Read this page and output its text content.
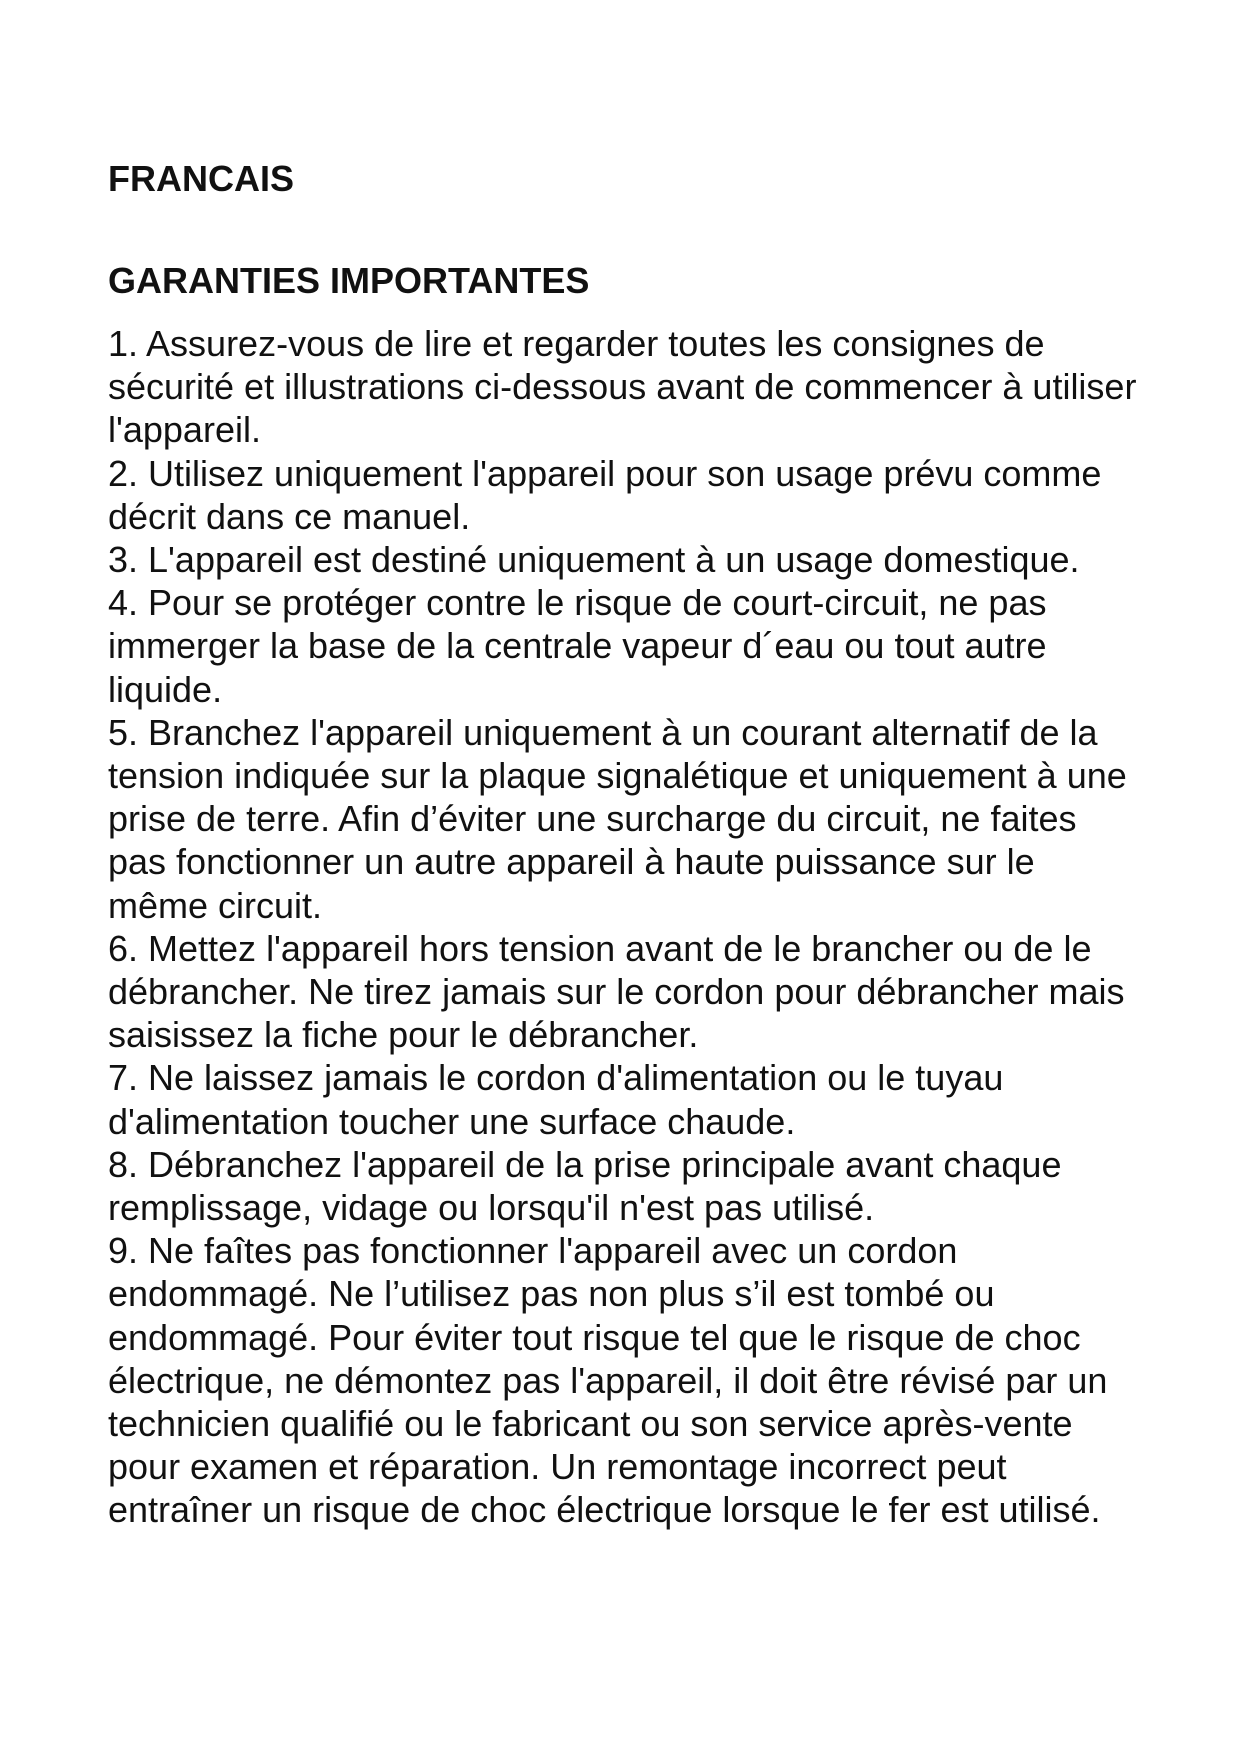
FRANCAIS
GARANTIES IMPORTANTES

1. Assurez-vous de lire et regarder toutes les consignes de sécurité et illustrations ci-dessous avant de commencer à utiliser l'appareil.

2. Utilisez uniquement l'appareil pour son usage prévu comme décrit dans ce manuel.

3. L'appareil est destiné uniquement à un usage domestique.

4. Pour se protéger contre le risque de court-circuit, ne pas immerger la base de la centrale vapeur d´eau ou tout autre liquide.

5. Branchez l'appareil uniquement à un courant alternatif de la tension indiquée sur la plaque signalétique et uniquement à une prise de terre. Afin d’éviter une surcharge du circuit, ne faites pas fonctionner un autre appareil à haute puissance sur le même circuit.

6. Mettez l'appareil hors tension avant de le brancher ou de le débrancher. Ne tirez jamais sur le cordon pour débrancher mais saisissez la fiche pour le débrancher.

7. Ne laissez jamais le cordon d'alimentation ou le tuyau d'alimentation toucher une surface chaude.

8. Débranchez l'appareil de la prise principale avant chaque remplissage, vidage ou lorsqu'il n'est pas utilisé.

9. Ne faîtes pas fonctionner l'appareil avec un cordon endommagé. Ne l’utilisez pas non plus s’il est tombé ou endommagé. Pour éviter tout risque tel que le risque de choc électrique, ne démontez pas l'appareil, il doit être révisé par un technicien qualifié ou le fabricant ou son service après-vente pour examen et réparation. Un remontage incorrect peut entraîner un risque de choc électrique lorsque le fer est utilisé.
